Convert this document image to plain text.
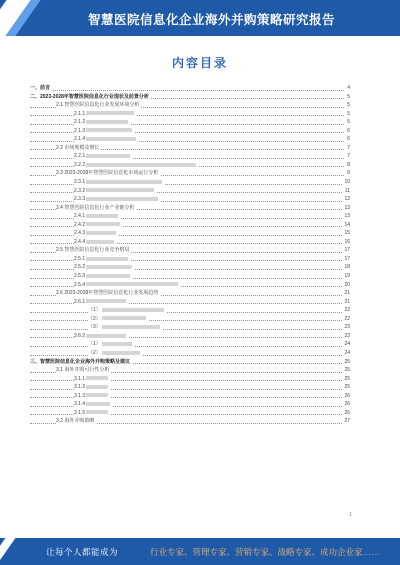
智慧医院信息化企业海外并购策略研究报告
内容目录
一、前言	4
二、2023-2028年智慧医院信息化行业现状及前景分析	5
2.1 智慧医院信息化行业发展环境分析	5
2.1.1	5
2.1.2	5
2.1.3	6
2.1.4	6
2.2 市场规模及增长	7
2.2.1	7
2.2.2	8
2.3 2023-2028年智慧医院信息化市场运行分析	9
2.3.1	10
2.3.2	11
2.3.3	12
2.4 智慧医院信息化行业产业链分析	13
2.4.1	13
2.4.2	14
2.4.3	15
2.4.4	16
2.5 智慧医院信息化行业竞争格局	17
2.5.1	17
2.5.2	18
2.5.3	19
2.5.4	20
2.6 2023-2028年智慧医院信息化行业发展趋势	21
2.6.1	21
（1）	22
（2）	22
（3）	23
2.6.2	23
（1）	24
（2）	24
三、智慧医院信息化企业海外并购策略及建议	25
3.1 海外并购可行性分析	25
3.1.1	25
3.1.2	25
3.1.3	26
3.1.4	26
3.1.5	26
3.2 海外并购策略	27
1
让每个人都能成为	行业专家、管理专家、营销专家、战略专家、成功企业家……
